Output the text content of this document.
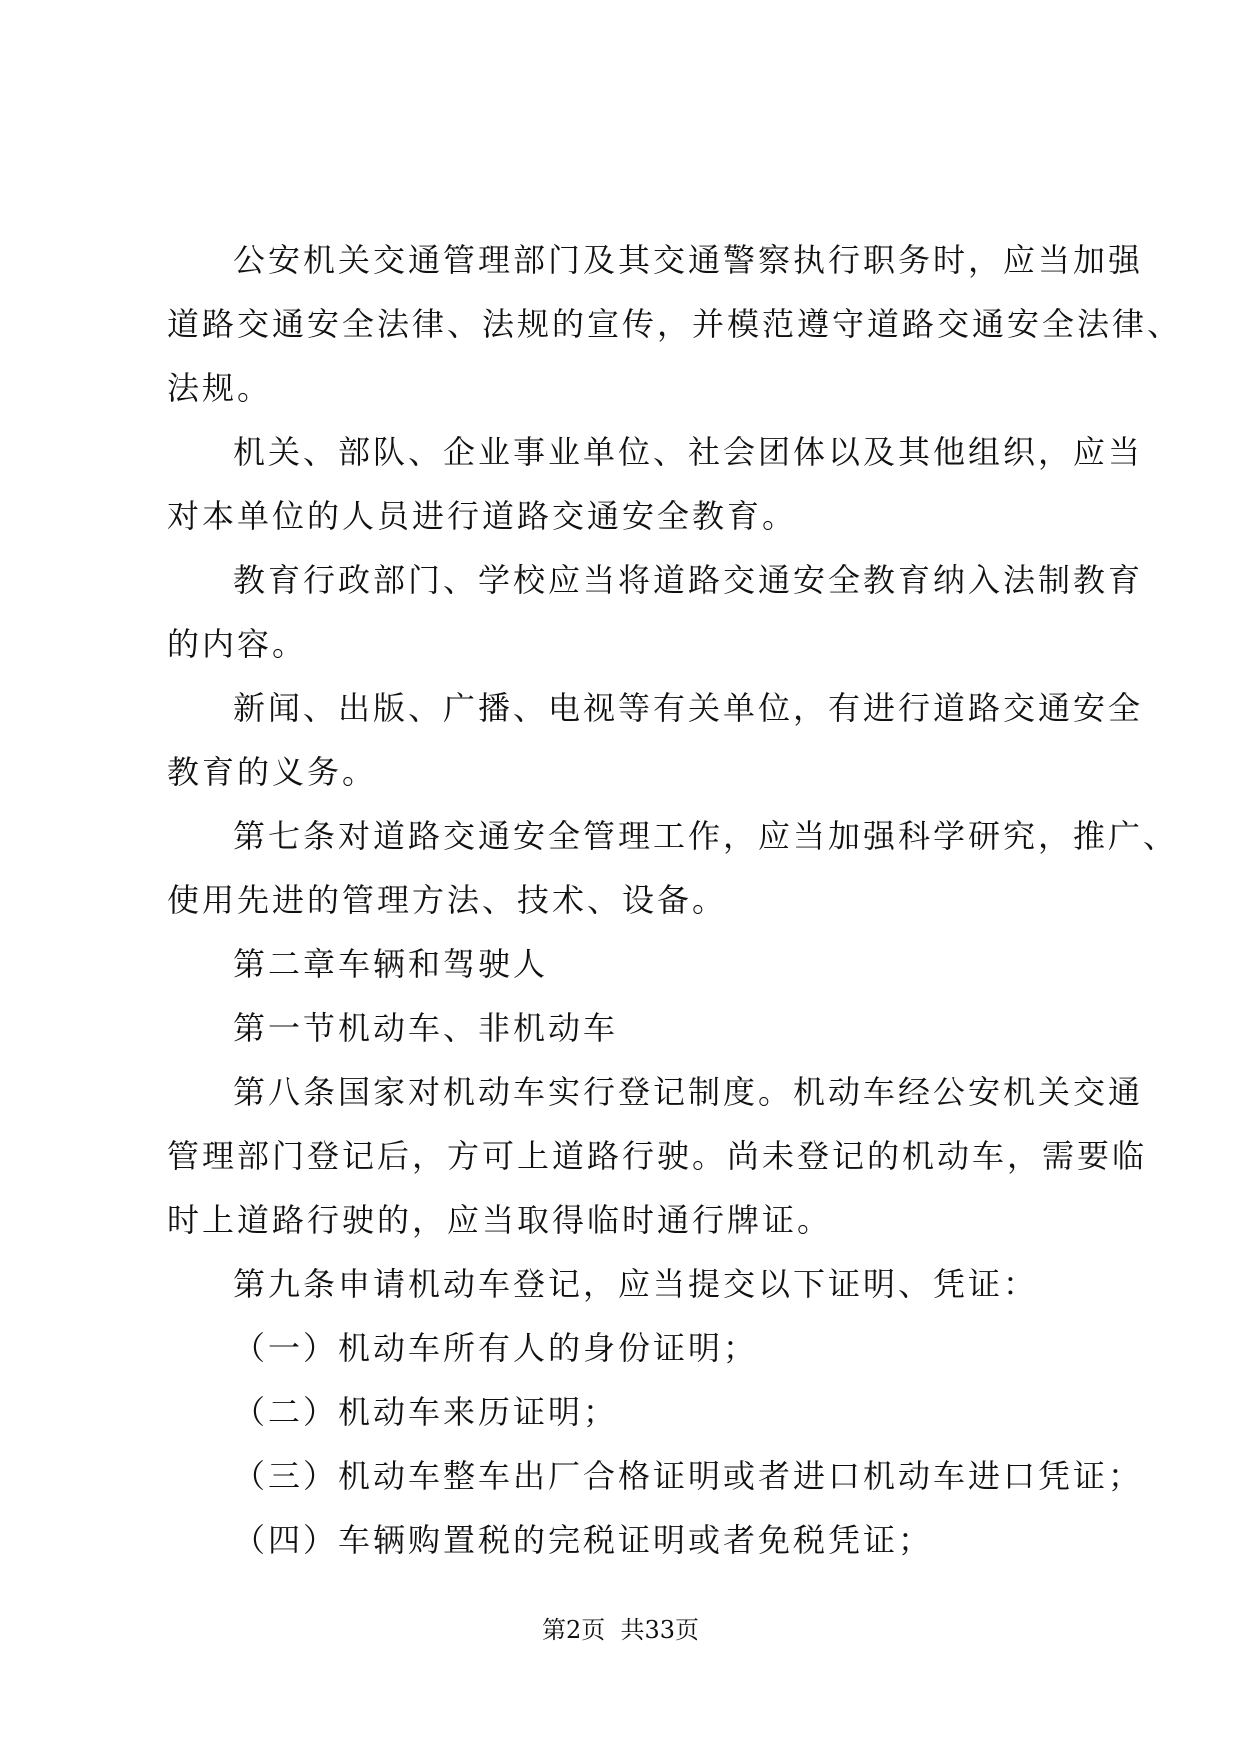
公安机关交通管理部门及其交通警察执行职务时，应当加强
道路交通安全法律、法规的宣传，并模范遵守道路交通安全法律、
法规。
机关、部队、企业事业单位、社会团体以及其他组织，应当
对本单位的人员进行道路交通安全教育。
教育行政部门、学校应当将道路交通安全教育纳入法制教育
的内容。
新闻、出版、广播、电视等有关单位，有进行道路交通安全
教育的义务。
第七条对道路交通安全管理工作，应当加强科学研究，推广、
使用先进的管理方法、技术、设备。
第二章车辆和驾驶人
第一节机动车、非机动车
第八条国家对机动车实行登记制度。机动车经公安机关交通
管理部门登记后，方可上道路行驶。尚未登记的机动车，需要临
时上道路行驶的，应当取得临时通行牌证。
第九条申请机动车登记，应当提交以下证明、凭证：
（一）机动车所有人的身份证明；
（二）机动车来历证明；
（三）机动车整车出厂合格证明或者进口机动车进口凭证；
（四）车辆购置税的完税证明或者免税凭证；
第2页  共33页
